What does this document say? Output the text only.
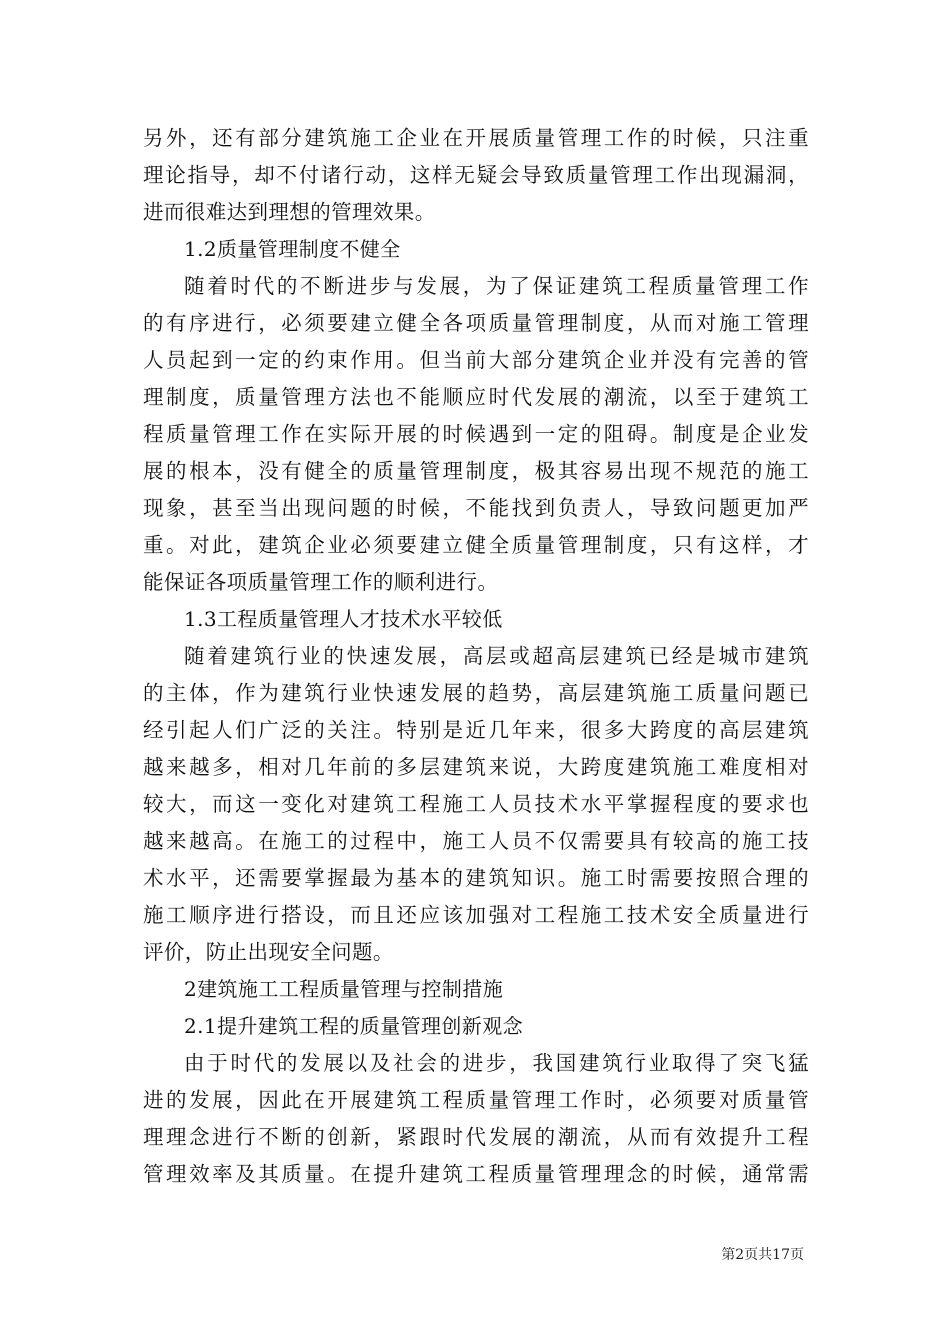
另外，还有部分建筑施工企业在开展质量管理工作的时候，只注重
理论指导，却不付诸行动，这样无疑会导致质量管理工作出现漏洞，
进而很难达到理想的管理效果。
1.2质量管理制度不健全
随着时代的不断进步与发展，为了保证建筑工程质量管理工作
的有序进行，必须要建立健全各项质量管理制度，从而对施工管理
人员起到一定的约束作用。但当前大部分建筑企业并没有完善的管
理制度，质量管理方法也不能顺应时代发展的潮流，以至于建筑工
程质量管理工作在实际开展的时候遇到一定的阻碍。制度是企业发
展的根本，没有健全的质量管理制度，极其容易出现不规范的施工
现象，甚至当出现问题的时候，不能找到负责人，导致问题更加严
重。对此，建筑企业必须要建立健全质量管理制度，只有这样，才
能保证各项质量管理工作的顺利进行。
1.3工程质量管理人才技术水平较低
随着建筑行业的快速发展，高层或超高层建筑已经是城市建筑
的主体，作为建筑行业快速发展的趋势，高层建筑施工质量问题已
经引起人们广泛的关注。特别是近几年来，很多大跨度的高层建筑
越来越多，相对几年前的多层建筑来说，大跨度建筑施工难度相对
较大，而这一变化对建筑工程施工人员技术水平掌握程度的要求也
越来越高。在施工的过程中，施工人员不仅需要具有较高的施工技
术水平，还需要掌握最为基本的建筑知识。施工时需要按照合理的
施工顺序进行搭设，而且还应该加强对工程施工技术安全质量进行
评价，防止出现安全问题。
2建筑施工工程质量管理与控制措施
2.1提升建筑工程的质量管理创新观念
由于时代的发展以及社会的进步，我国建筑行业取得了突飞猛
进的发展，因此在开展建筑工程质量管理工作时，必须要对质量管
理理念进行不断的创新，紧跟时代发展的潮流，从而有效提升工程
管理效率及其质量。在提升建筑工程质量管理理念的时候，通常需
第2页共17页
